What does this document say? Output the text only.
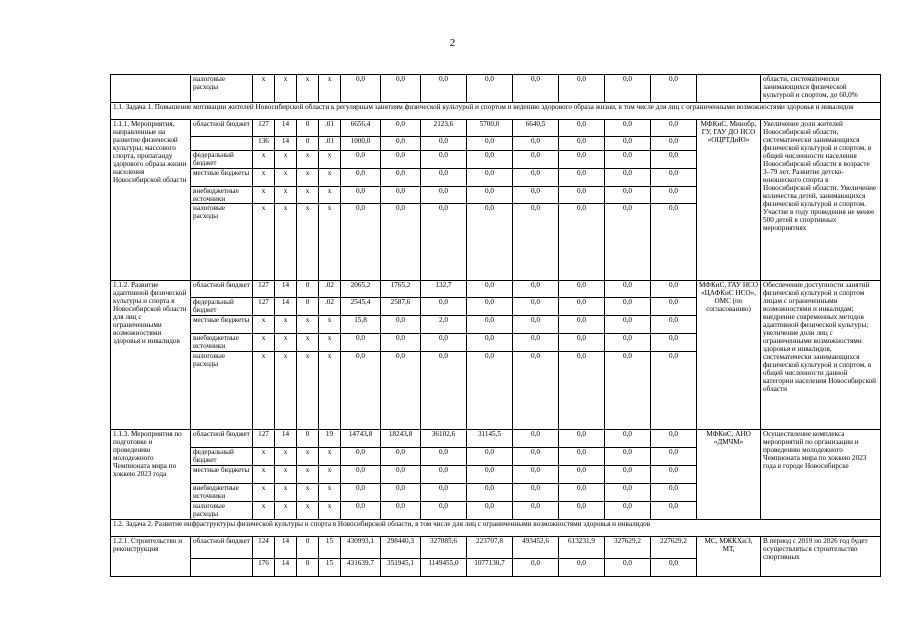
2
	налоговые расходы	х	х	х	х	0,0	0,0	0,0	0,0	0,0	0,0	0,0	0,0		области, систематически занимающихся физической культурой и спортом, до 60,0%
1.1. Задача 1. Повышение мотивации жителей Новосибирской области к регулярным занятиям физической культурой и спортом и ведению здорового образа жизни, в том числе для лиц с ограниченными возможностями здоровья и инвалидов															
1.1.1. Мероприятия, направленные на развитие физической культуры, массового спорта, пропаганду здорового образа жизни населения Новосибирской области	областной бюджет	127	14	0	.01	6656,4	0,0	2123,6	5700,0	6640,5	0,0	0,0	0,0	МФКиС, Минобр, ГУ, ГАУ ДО НСО «ОЦРТДиЮ»	Увеличение доли жителей Новосибирской области, систематически занимающихся физической культурой и спортом, в общей численности населения Новосибирской области в возрасте 3–79 лет. Развитие детско-юношеского спорта в Новосибирской области. Увеличение количества детей, занимающихся физической культурой и спортом. Участие в году проведения не менее 500 детей в спортивных мероприятиях
		136	14	0	.01	1000,0	0,0	0,0	0,0	0,0	0,0	0,0	0,0		
	федеральный бюджет	х	х	х	х	0,0	0,0	0,0	0,0	0,0	0,0	0,0	0,0		
	местные бюджеты	х	х	х	х	0,0	0,0	0,0	0,0	0,0	0,0	0,0	0,0		
	внебюджетные источники	х	х	х	х	0,0	0,0	0,0	0,0	0,0	0,0	0,0	0,0		
	налоговые расходы	х	х	х	х	0,0	0,0	0,0	0,0	0,0	0,0	0,0	0,0		
1.1.2. Развитие адаптивной физической культуры и спорта в Новосибирской области для лиц с ограниченными возможностями здоровья и инвалидов	областной бюджет	127	14	0	.02	2065,2	1765,2	132,7	0,0	0,0	0,0	0,0	0,0	МФКиС, ГАУ НСО «ЦАФКиС НСО», ОМС (по согласованию)	Обеспечение доступности занятий физической культурой и спортом лицам с ограниченными возможностями и инвалидам; внедрение современных методов адаптивной физической культуры; увеличение доли лиц с ограниченными возможностями здоровья и инвалидов, систематически занимающихся физической культурой и спортом, в общей численности данной категории населения Новосибирской области
	федеральный бюджет	127	14	0	.02	2545,4	2587,6	0,0	0,0	0,0	0,0	0,0	0,0		
	местные бюджеты	х	х	х	х	15,8	0,0	2,0	0,0	0,0	0,0	0,0	0,0		
	внебюджетные источники	х	х	х	х	0,0	0,0	0,0	0,0	0,0	0,0	0,0	0,0		
	налоговые расходы	х	х	х	х	0,0	0,0	0,0	0,0	0,0	0,0	0,0	0,0		
1.1.3. Мероприятия по подготовке и проведению молодежного Чемпионата мира по хоккею 2023 года	областной бюджет	127	14	0	19	14743,8	18243,8	36102,6	31145,5	0,0	0,0	0,0	0,0	МФКиС, АНО «ДМЧМ»	Осуществление комплекса мероприятий по организации и проведению молодежного Чемпионата мира по хоккею 2023 года в городе Новосибирске
	федеральный бюджет	х	х	х	х	0,0	0,0	0,0	0,0	0,0	0,0	0,0	0,0		
	местные бюджеты	х	х	х	х	0,0	0,0	0,0	0,0	0,0	0,0	0,0	0,0		
	внебюджетные источники	х	х	х	х	0,0	0,0	0,0	0,0	0,0	0,0	0,0	0,0		
	налоговые расходы	х	х	х	х	0,0	0,0	0,0	0,0	0,0	0,0	0,0	0,0		
1.2. Задача 2. Развитие инфраструктуры физической культуры и спорта в Новосибирской области, в том числе для лиц с ограниченными возможностями здоровья и инвалидов															
1.2.1. Строительство и реконструкция	областной бюджет	124	14	0	15	430993,1	298440,3	327085,6	223707,8	493452,6	613231,9	327629,2	227629,2	МС, МЖКХиЭ, МТ,	В период с 2019 по 2026 год будет осуществляться строительство спортивных
		176	14	0	15	431639,7	351945,1	1149455,0	1077130,7	0,0	0,0	0,0	0,0		
